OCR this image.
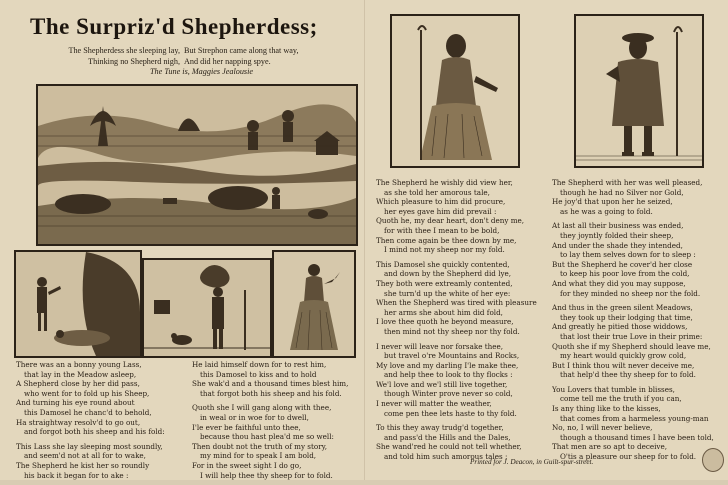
The Surpriz'd Shepherdess;
The Shepherdess she sleeping lay, But Strephon came along that way,
Thinking no Shepherd nigh, And did her napping spye.
The Tune is, Maggies Jealousie
There was an a bonny young Lass,
that lay in the Meadow asleep,
A Shepherd close by her did pass,
who went for to fold up his Sheep,
And turning his eye round about
this Damosel he chanc'd to behold,
Ha straightway resolv'd to go out,
and forgot both his sheep and his fold:
This Lass she lay sleeping most soundly,
and seem'd not at all for to wake,
The Shepherd he kist her so roundly
his back it began for to ake :
He laid himself down for to rest him,
this Damosel to kiss and to hold
She wak'd and a thousand times blest him,
that forgot both his sheep and his fold.
Quoth she I will gang along with thee,
in weal or in woe for to dwell,
I'le ever be faithful unto thee,
because thou hast plea'd me so well:
Then doubt not the truth of my story,
my mind for to speak I am bold,
For in the sweet sight I do go,
I will help thee thy sheep for to fold.
The Shepherd he wishly did view her,
as she told her amorous tale,
Which pleasure to him did procure,
her eyes gave him did prevail :
Quoth he, my dear heart, don't deny me,
for with thee I mean to be bold,
Then come again be thee down by me,
I mind not my sheep nor my fold.
This Damosel she quickly contented,
and down by the Shepherd did lye,
They both were extreamly contented,
she turn'd up the white of her eye:
When the Shepherd was tired with pleasure
her arms she about him did fold,
I love thee quoth he beyond measure,
then mind not thy sheep nor thy fold.
I never will leave nor forsake thee,
but travel o're Mountains and Rocks,
My love and my darling I'le make thee,
and help thee to look to thy flocks :
We'l love and we'l still live together,
though Winter prove never so cold,
I never will matter the weather,
come pen thee lets haste to thy fold.
To this they away trudg'd together,
and pass'd the Hills and the Dales,
She wand'red he could not tell whether,
and told him such amorous tales :
The Shepherd with her was well pleased,
though he had no Silver nor Gold,
He joy'd that upon her he seized,
as he was a going to fold.
At last all their business was ended,
they joyntly folded their sheep,
And under the shade they intended,
to lay them selves down for to sleep :
But the Shepherd he cover'd her close
to keep his poor love from the cold,
And what they did you may suppose,
for they minded no sheep nor the fold.
And thus in the green silent Meadows,
they took up their lodging that time,
And greatly he pitied those widdows,
that lost their true Love in their prime:
Quoth she if my Shepherd should leave me,
my heart would quickly grow cold,
But I think thou wilt never deceive me,
that help'd thee thy sheep for to fold.
You Lovers that tumble in blisses,
come tell me the truth if you can,
Is any thing like to the kisses,
that comes from a harmeless young-man
No, no, I will never believe,
though a thousand times I have been told,
That men are so apt to deceive,
O'tis a pleasure our sheep for to fold.
Printed for J. Deacon, in Guilt-spur-street.
